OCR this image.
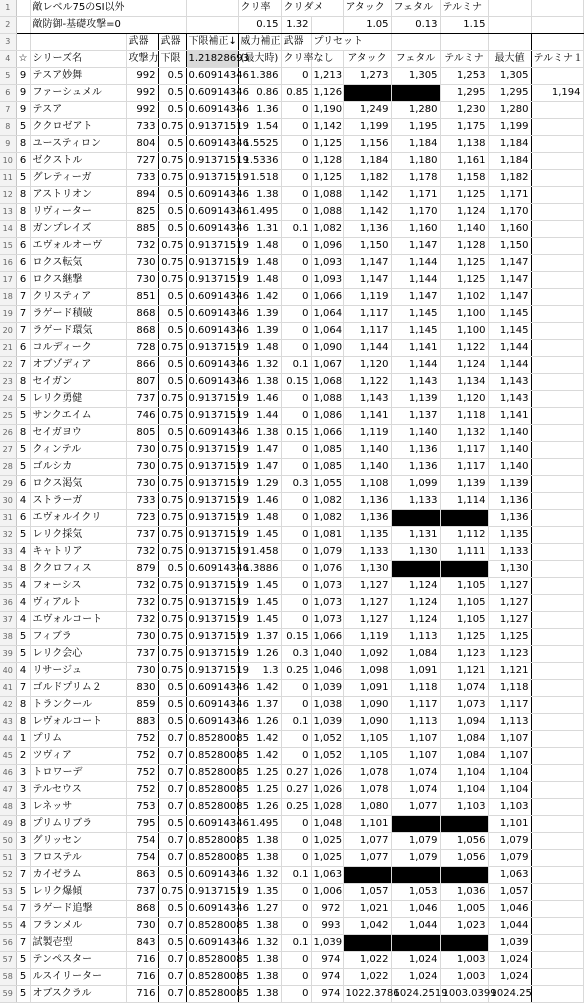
1		敵レベル75のSI以外				クリ率	クリダメ		アタック	フェタル	テルミナ		
2		敵防御-基礎攻撃=0				0.15	1.32		1.05	0.13	1.15		
3			武器	武器	下限補正↓	威力補正	武器	プリセット					
4	☆	シリーズ名	攻撃力	下限	1.21828693	(最大時)	クリ率	なし	アタック	フェタル	テルミナ	最大値	テルミナ１
5	9	テスア妙舞	992	0.5	0.60914346	1.386	0	1,213	1,273	1,305	1,253	1,305	
6	9	ファーシュメル	992	0.5	0.60914346	0.86	0.85	1,126			1,295	1,295	1,194
7	9	テスア	992	0.5	0.60914346	1.36	0	1,190	1,249	1,280	1,230	1,280	
8	5	ククロゼアト	733	0.75	0.91371519	1.54	0	1,142	1,199	1,195	1,175	1,199	
9	8	ユースティロン	804	0.5	0.60914346	1.5525	0	1,125	1,156	1,184	1,138	1,184	
10	6	ゼクストル	727	0.75	0.91371519	1.5336	0	1,128	1,184	1,180	1,161	1,184	
11	5	グレティーガ	733	0.75	0.91371519	1.518	0	1,125	1,182	1,178	1,158	1,182	
12	8	アストリオン	894	0.5	0.60914346	1.38	0	1,088	1,142	1,171	1,125	1,171	
13	8	リヴィーター	825	0.5	0.60914346	1.495	0	1,088	1,142	1,170	1,124	1,170	
14	8	ガンプレイズ	885	0.5	0.60914346	1.31	0.1	1,082	1,136	1,160	1,140	1,160	
15	6	エヴォルオーヴ	732	0.75	0.91371519	1.48	0	1,096	1,150	1,147	1,128	1,150	
16	6	ロクス転気	730	0.75	0.91371519	1.48	0	1,093	1,147	1,144	1,125	1,147	
17	6	ロクス継撃	730	0.75	0.91371519	1.48	0	1,093	1,147	1,144	1,125	1,147	
18	7	クリスティア	851	0.5	0.60914346	1.42	0	1,066	1,119	1,147	1,102	1,147	
19	7	ラゲード積破	868	0.5	0.60914346	1.39	0	1,064	1,117	1,145	1,100	1,145	
20	7	ラゲード環気	868	0.5	0.60914346	1.39	0	1,064	1,117	1,145	1,100	1,145	
21	6	コルディーク	728	0.75	0.91371519	1.48	0	1,090	1,144	1,141	1,122	1,144	
22	7	オブゾディア	866	0.5	0.60914346	1.32	0.1	1,067	1,120	1,144	1,124	1,144	
23	8	セイガン	807	0.5	0.60914346	1.38	0.15	1,068	1,122	1,143	1,134	1,143	
24	5	レリク勇健	737	0.75	0.91371519	1.46	0	1,088	1,143	1,139	1,120	1,143	
25	5	サンクエイム	746	0.75	0.91371519	1.44	0	1,086	1,141	1,137	1,118	1,141	
26	8	セイガヨウ	805	0.5	0.60914346	1.38	0.15	1,066	1,119	1,140	1,132	1,140	
27	5	クィンテル	730	0.75	0.91371519	1.47	0	1,085	1,140	1,136	1,117	1,140	
28	5	ゴルシカ	730	0.75	0.91371519	1.47	0	1,085	1,140	1,136	1,117	1,140	
29	6	ロクス渇気	730	0.75	0.91371519	1.29	0.3	1,055	1,108	1,099	1,139	1,139	
30	4	ストラーガ	733	0.75	0.91371519	1.46	0	1,082	1,136	1,133	1,114	1,136	
31	6	エヴォルイクリ	723	0.75	0.91371519	1.48	0	1,082	1,136			1,136	
32	5	レリク採気	737	0.75	0.91371519	1.45	0	1,081	1,135	1,131	1,112	1,135	
33	4	キャトリア	732	0.75	0.91371519	1.458	0	1,079	1,133	1,130	1,111	1,133	
34	8	ククロフィス	879	0.5	0.60914346	1.3886	0	1,076	1,130			1,130	
35	4	フォーシス	732	0.75	0.91371519	1.45	0	1,073	1,127	1,124	1,105	1,127	
36	4	ヴィアルト	732	0.75	0.91371519	1.45	0	1,073	1,127	1,124	1,105	1,127	
37	4	エヴォルコート	732	0.75	0.91371519	1.45	0	1,073	1,127	1,124	1,105	1,127	
38	5	フィブラ	730	0.75	0.91371519	1.37	0.15	1,066	1,119	1,113	1,125	1,125	
39	5	レリク会心	737	0.75	0.91371519	1.26	0.3	1,040	1,092	1,084	1,123	1,123	
40	4	リサージュ	730	0.75	0.91371519	1.3	0.25	1,046	1,098	1,091	1,121	1,121	
41	7	ゴルドプリム２	830	0.5	0.60914346	1.42	0	1,039	1,091	1,118	1,074	1,118	
42	8	トランクール	859	0.5	0.60914346	1.37	0	1,038	1,090	1,117	1,073	1,117	
43	8	レヴォルコート	883	0.5	0.60914346	1.26	0.1	1,039	1,090	1,113	1,094	1,113	
44	1	プリム	752	0.7	0.85280085	1.42	0	1,052	1,105	1,107	1,084	1,107	
45	2	ツヴィア	752	0.7	0.85280085	1.42	0	1,052	1,105	1,107	1,084	1,107	
46	3	トロワーデ	752	0.7	0.85280085	1.25	0.27	1,026	1,078	1,074	1,104	1,104	
47	3	テルセウス	752	0.7	0.85280085	1.25	0.27	1,026	1,078	1,074	1,104	1,104	
48	3	レネッサ	753	0.7	0.85280085	1.26	0.25	1,028	1,080	1,077	1,103	1,103	
49	8	プリムリブラ	795	0.5	0.60914346	1.495	0	1,048	1,101			1,101	
50	3	グリッセン	754	0.7	0.85280085	1.38	0	1,025	1,077	1,079	1,056	1,079	
51	3	フロステル	754	0.7	0.85280085	1.38	0	1,025	1,077	1,079	1,056	1,079	
52	7	カイゼラム	863	0.5	0.60914346	1.32	0.1	1,063				1,063	
53	5	レリク爆傾	737	0.75	0.91371519	1.35	0	1,006	1,057	1,053	1,036	1,057	
54	7	ラゲード追撃	868	0.5	0.60914346	1.27	0	972	1,021	1,046	1,005	1,046	
55	4	フランメル	730	0.7	0.85280085	1.38	0	993	1,042	1,044	1,023	1,044	
56	7	試製壱型	843	0.5	0.60914346	1.32	0.1	1,039				1,039	
57	5	テンペスター	716	0.7	0.85280085	1.38	0	974	1,022	1,024	1,003	1,024	
58	5	ルスイリーター	716	0.7	0.85280085	1.38	0	974	1,022	1,024	1,003	1,024	
59	5	オブスクラル	716	0.7	0.85280085	1.38	0	974	1022.3786	1024.2519	1003.0399	1024.25	
